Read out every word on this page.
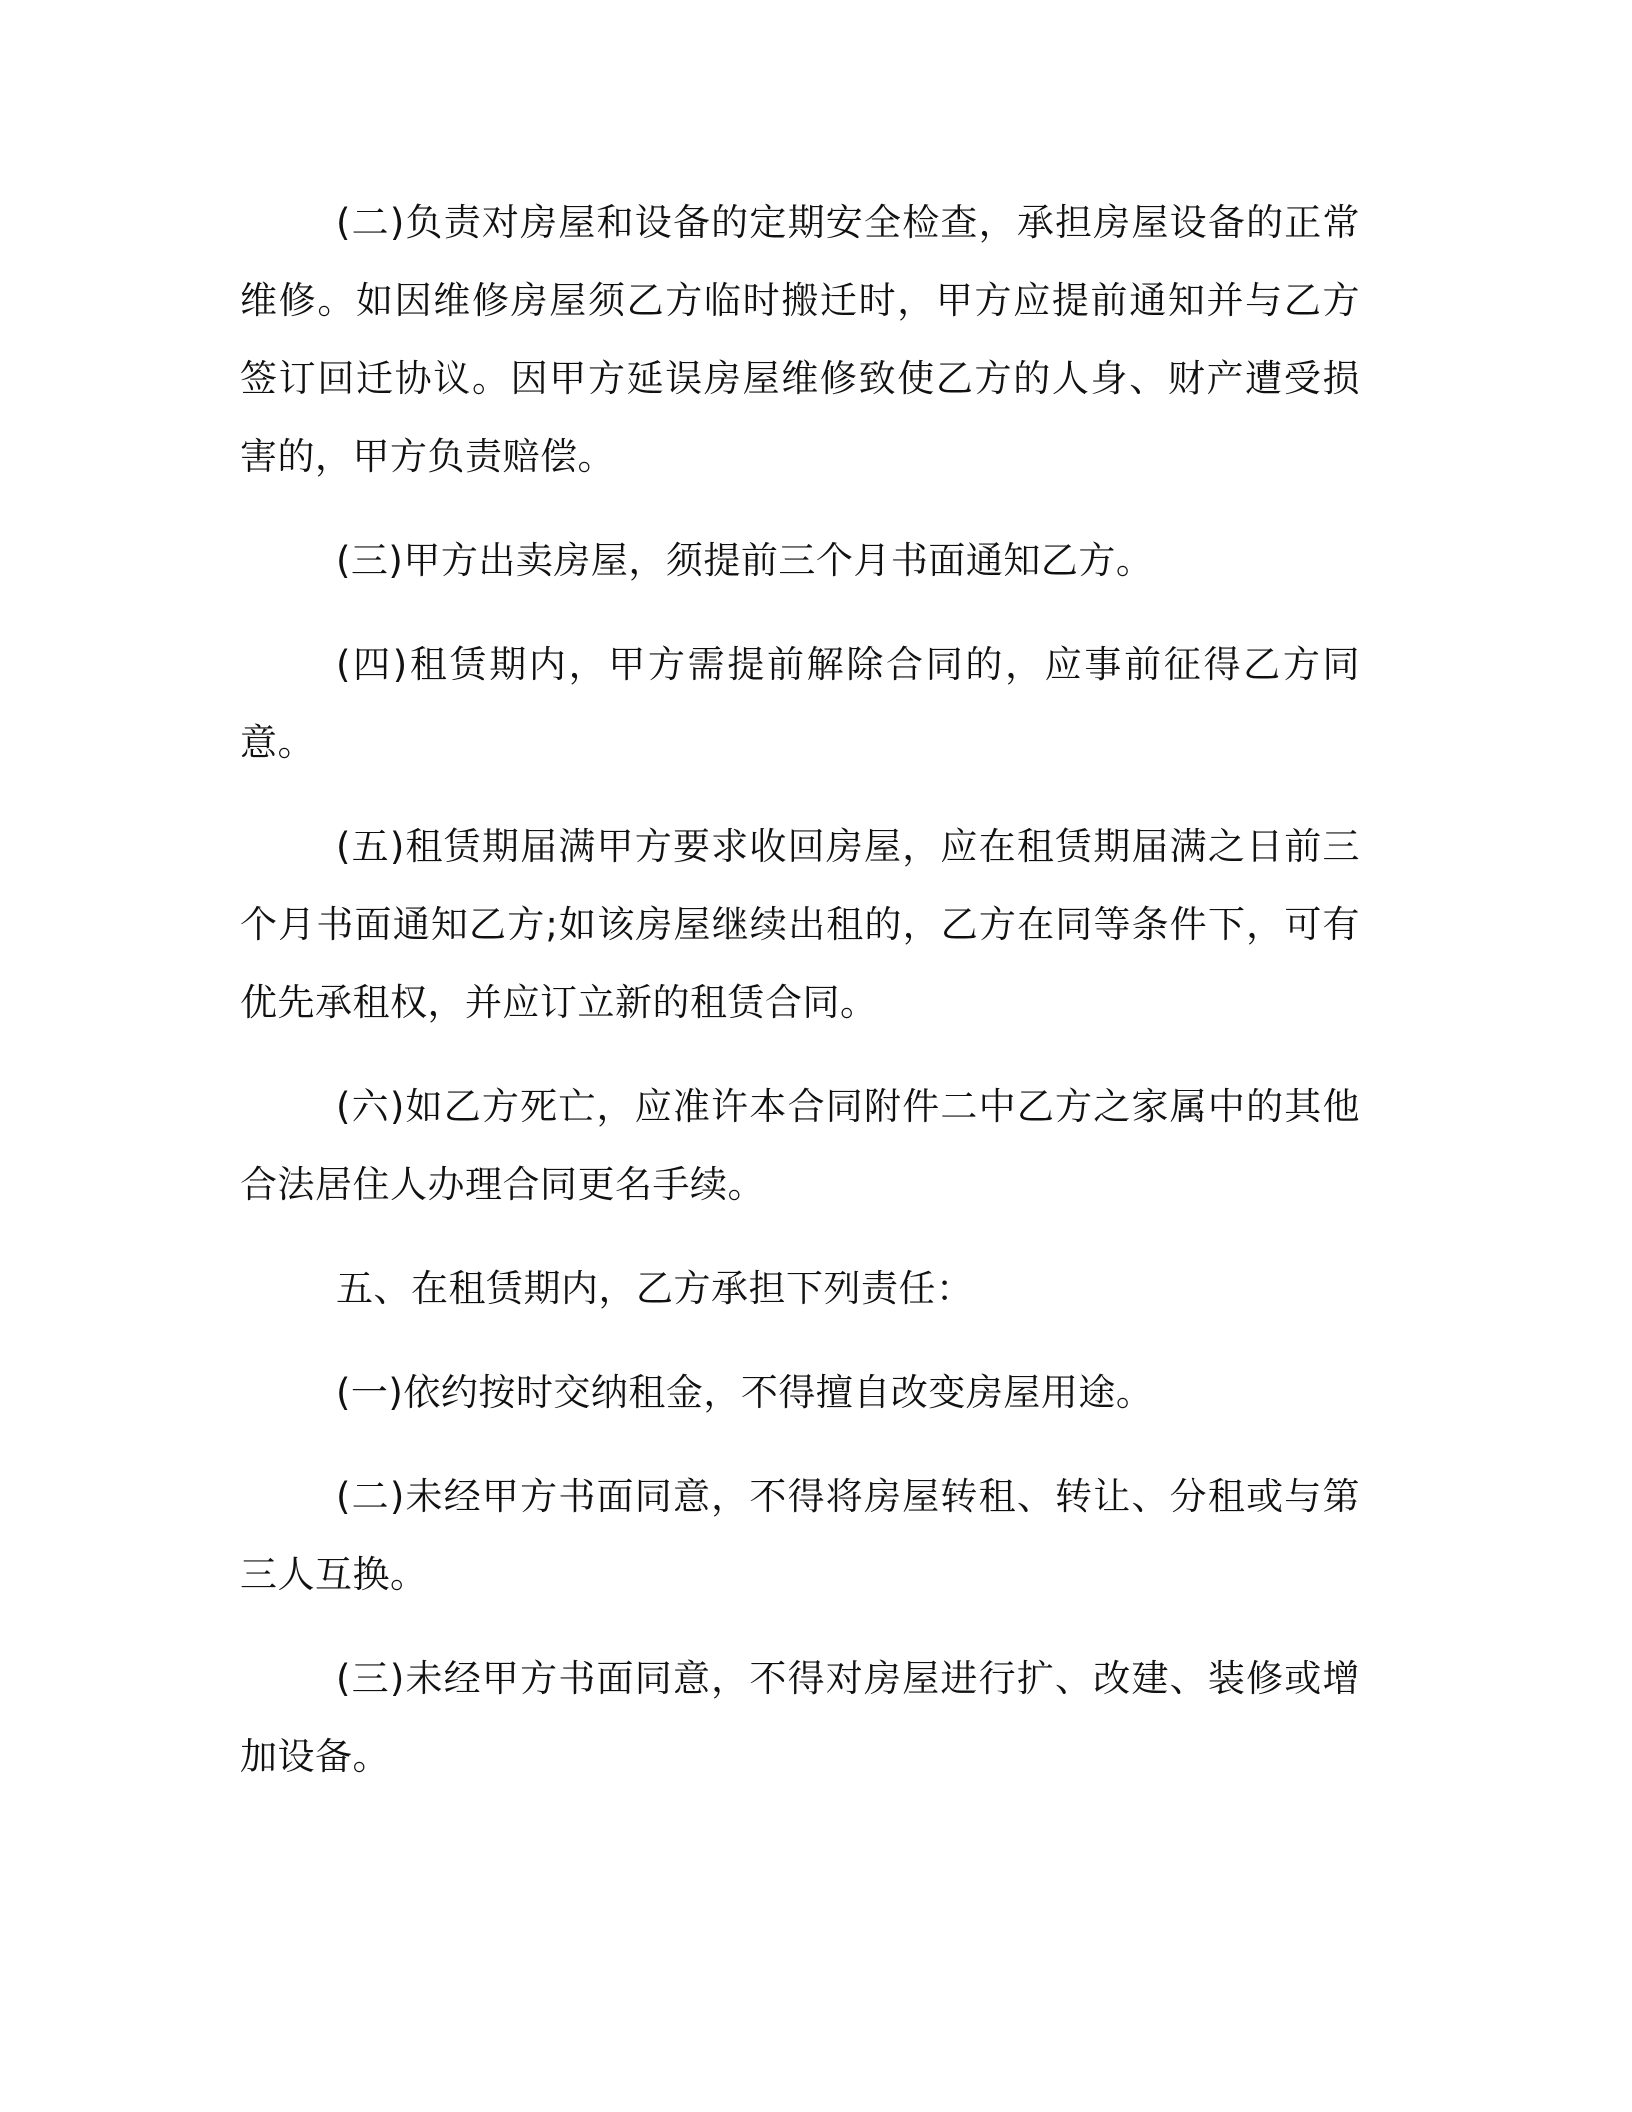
(二)负责对房屋和设备的定期安全检查，承担房屋设备的正常维修。如因维修房屋须乙方临时搬迁时，甲方应提前通知并与乙方签订回迁协议。因甲方延误房屋维修致使乙方的人身、财产遭受损害的，甲方负责赔偿。

(三)甲方出卖房屋，须提前三个月书面通知乙方。

(四)租赁期内，甲方需提前解除合同的，应事前征得乙方同意。

(五)租赁期届满甲方要求收回房屋，应在租赁期届满之日前三个月书面通知乙方;如该房屋继续出租的，乙方在同等条件下，可有优先承租权，并应订立新的租赁合同。

(六)如乙方死亡，应准许本合同附件二中乙方之家属中的其他合法居住人办理合同更名手续。

五、在租赁期内，乙方承担下列责任：

(一)依约按时交纳租金，不得擅自改变房屋用途。

(二)未经甲方书面同意，不得将房屋转租、转让、分租或与第三人互换。

(三)未经甲方书面同意，不得对房屋进行扩、改建、装修或增加设备。
